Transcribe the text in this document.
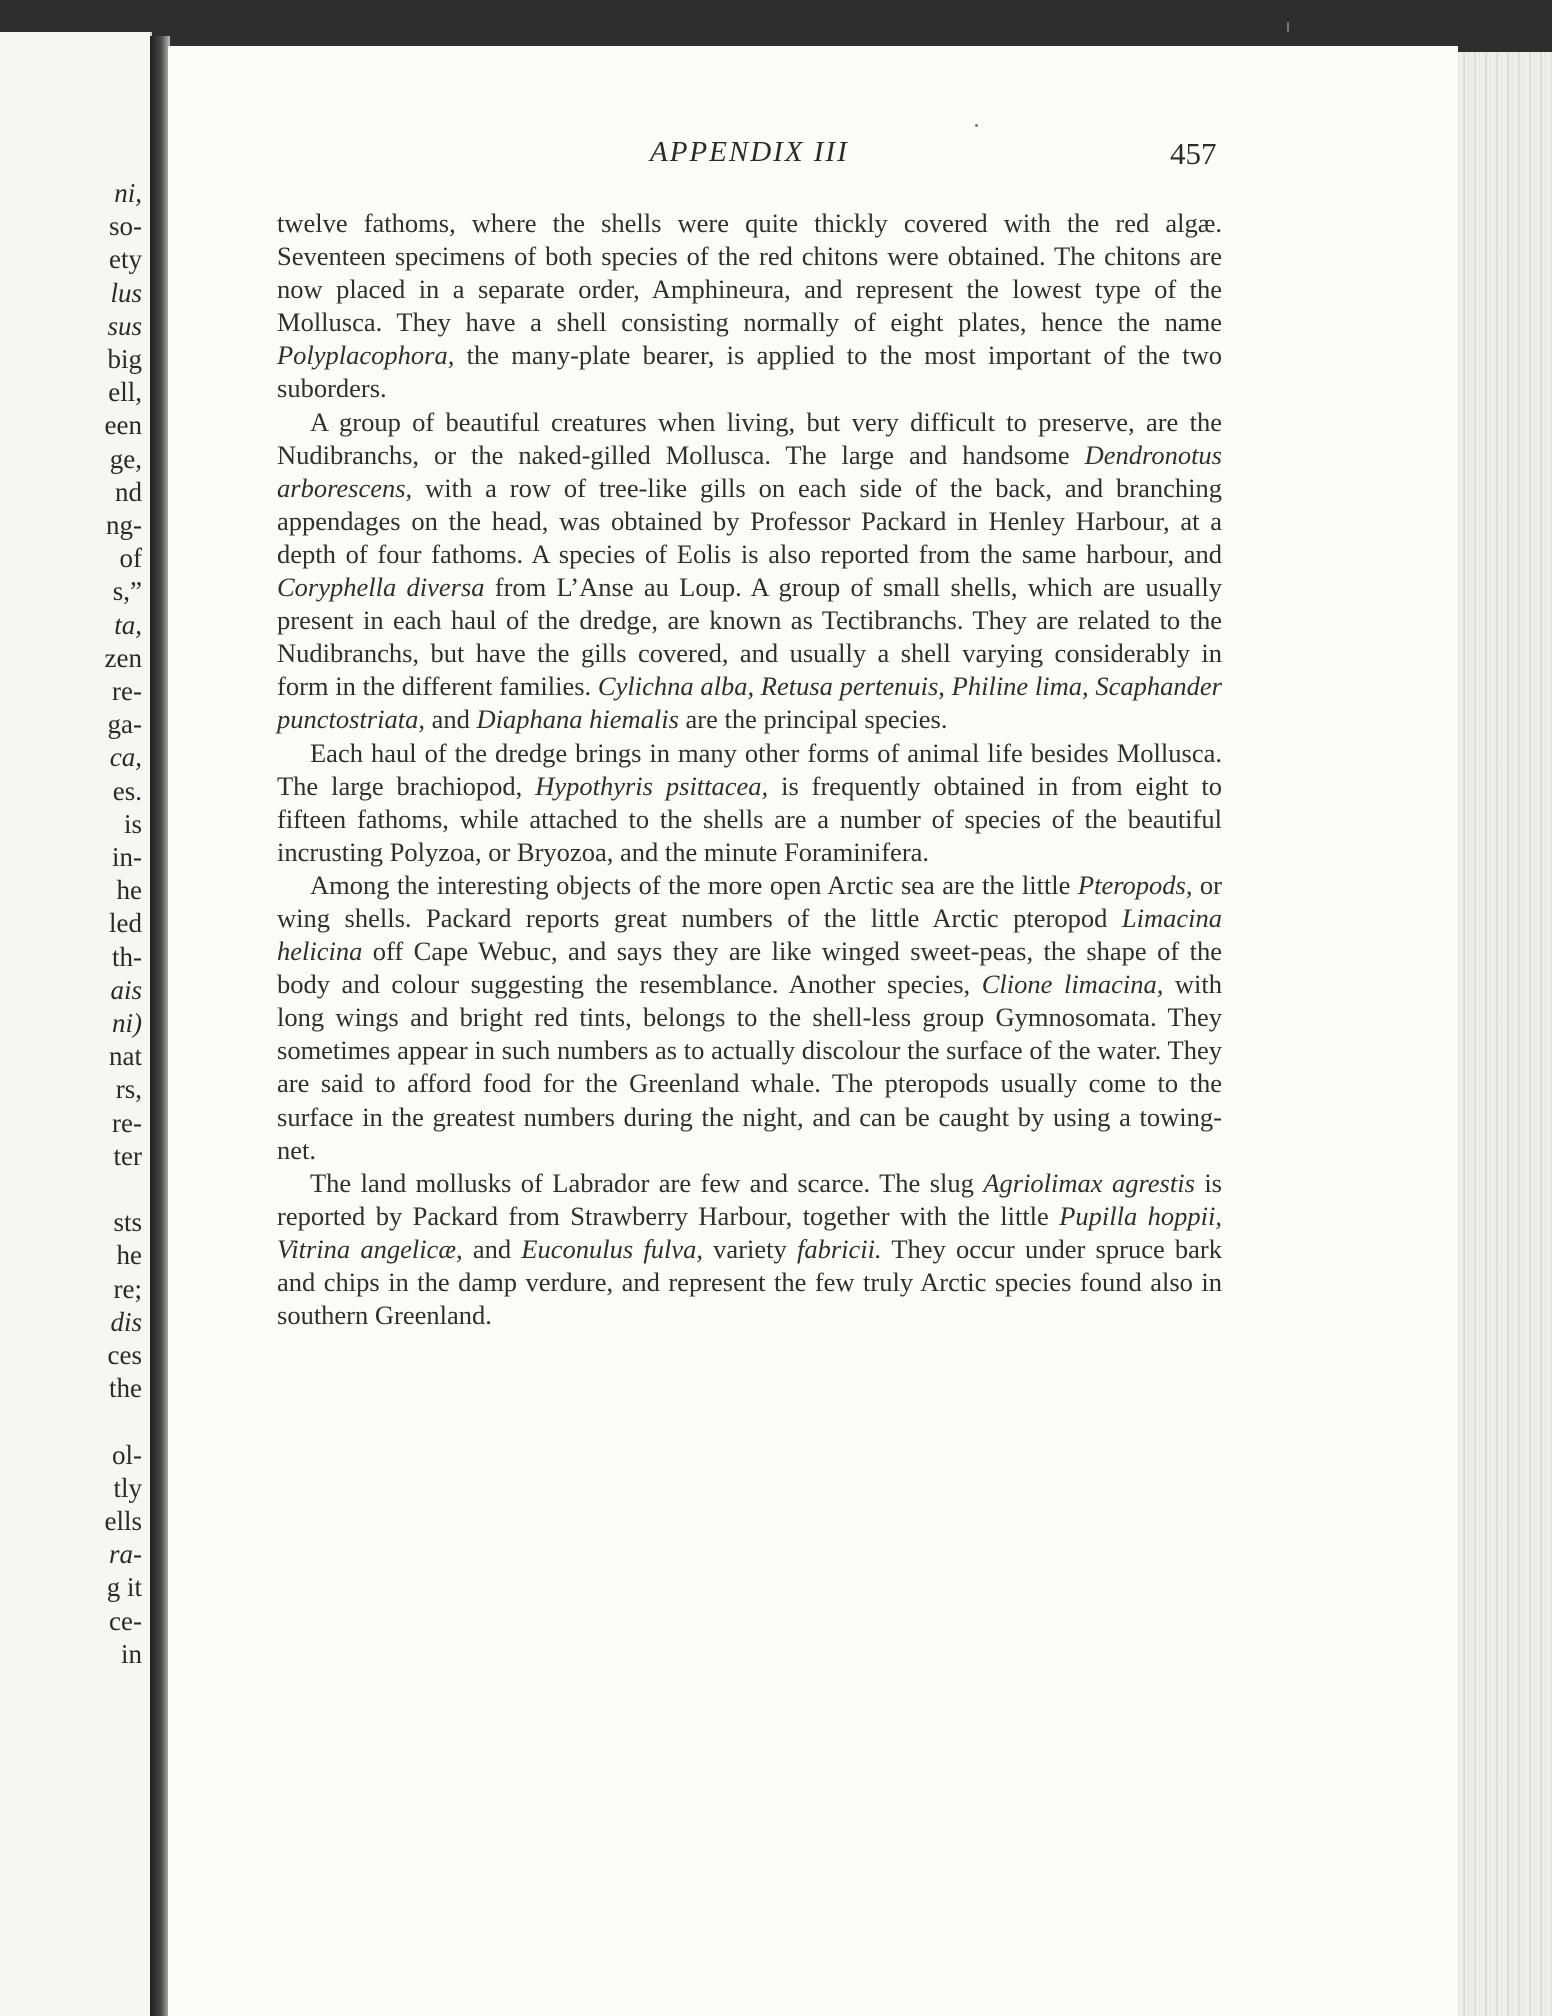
ni,
so-
ety
lus
sus
big
ell,
een
ge,
nd
ng-
of
s,”
ta,
zen
re-
ga-
ca,
es.
is
in-
he
led
th-
ais
ni)
nat
rs,
re-
ter
sts
he
re;
dis
ces
the
ol-
tly
ells
ra-
g it
ce-
in
APPENDIX III	457

twelve fathoms, where the shells were quite thickly covered with the red algæ. Seventeen specimens of both species of the red chitons were obtained. The chitons are now placed in a separate order, Amphineura, and represent the lowest type of the Mollusca. They have a shell consisting normally of eight plates, hence the name Polyplacophora, the many-plate bearer, is applied to the most important of the two suborders.

A group of beautiful creatures when living, but very difficult to preserve, are the Nudibranchs, or the naked-gilled Mollusca. The large and handsome Dendronotus arborescens, with a row of tree-like gills on each side of the back, and branching appendages on the head, was obtained by Professor Packard in Henley Harbour, at a depth of four fathoms. A species of Eolis is also reported from the same harbour, and Coryphella diversa from L’Anse au Loup. A group of small shells, which are usually present in each haul of the dredge, are known as Tectibranchs. They are related to the Nudibranchs, but have the gills covered, and usually a shell varying considerably in form in the different families. Cylichna alba, Retusa pertenuis, Philine lima, Scaphander punctostriata, and Diaphana hiemalis are the principal species.

Each haul of the dredge brings in many other forms of animal life besides Mollusca. The large brachiopod, Hypothyris psittacea, is frequently obtained in from eight to fifteen fathoms, while attached to the shells are a number of species of the beautiful incrusting Polyzoa, or Bryozoa, and the minute Foraminifera.

Among the interesting objects of the more open Arctic sea are the little Pteropods, or wing shells. Packard reports great numbers of the little Arctic pteropod Limacina helicina off Cape Webuc, and says they are like winged sweet-peas, the shape of the body and colour suggesting the resemblance. Another species, Clione limacina, with long wings and bright red tints, belongs to the shell-less group Gymnosomata. They sometimes appear in such numbers as to actually discolour the surface of the water. They are said to afford food for the Greenland whale. The pteropods usually come to the surface in the greatest numbers during the night, and can be caught by using a towing-net.

The land mollusks of Labrador are few and scarce. The slug Agriolimax agrestis is reported by Packard from Strawberry Harbour, together with the little Pupilla hoppii, Vitrina angelicæ, and Euconulus fulva, variety fabricii. They occur under spruce bark and chips in the damp verdure, and represent the few truly Arctic species found also in southern Greenland.
